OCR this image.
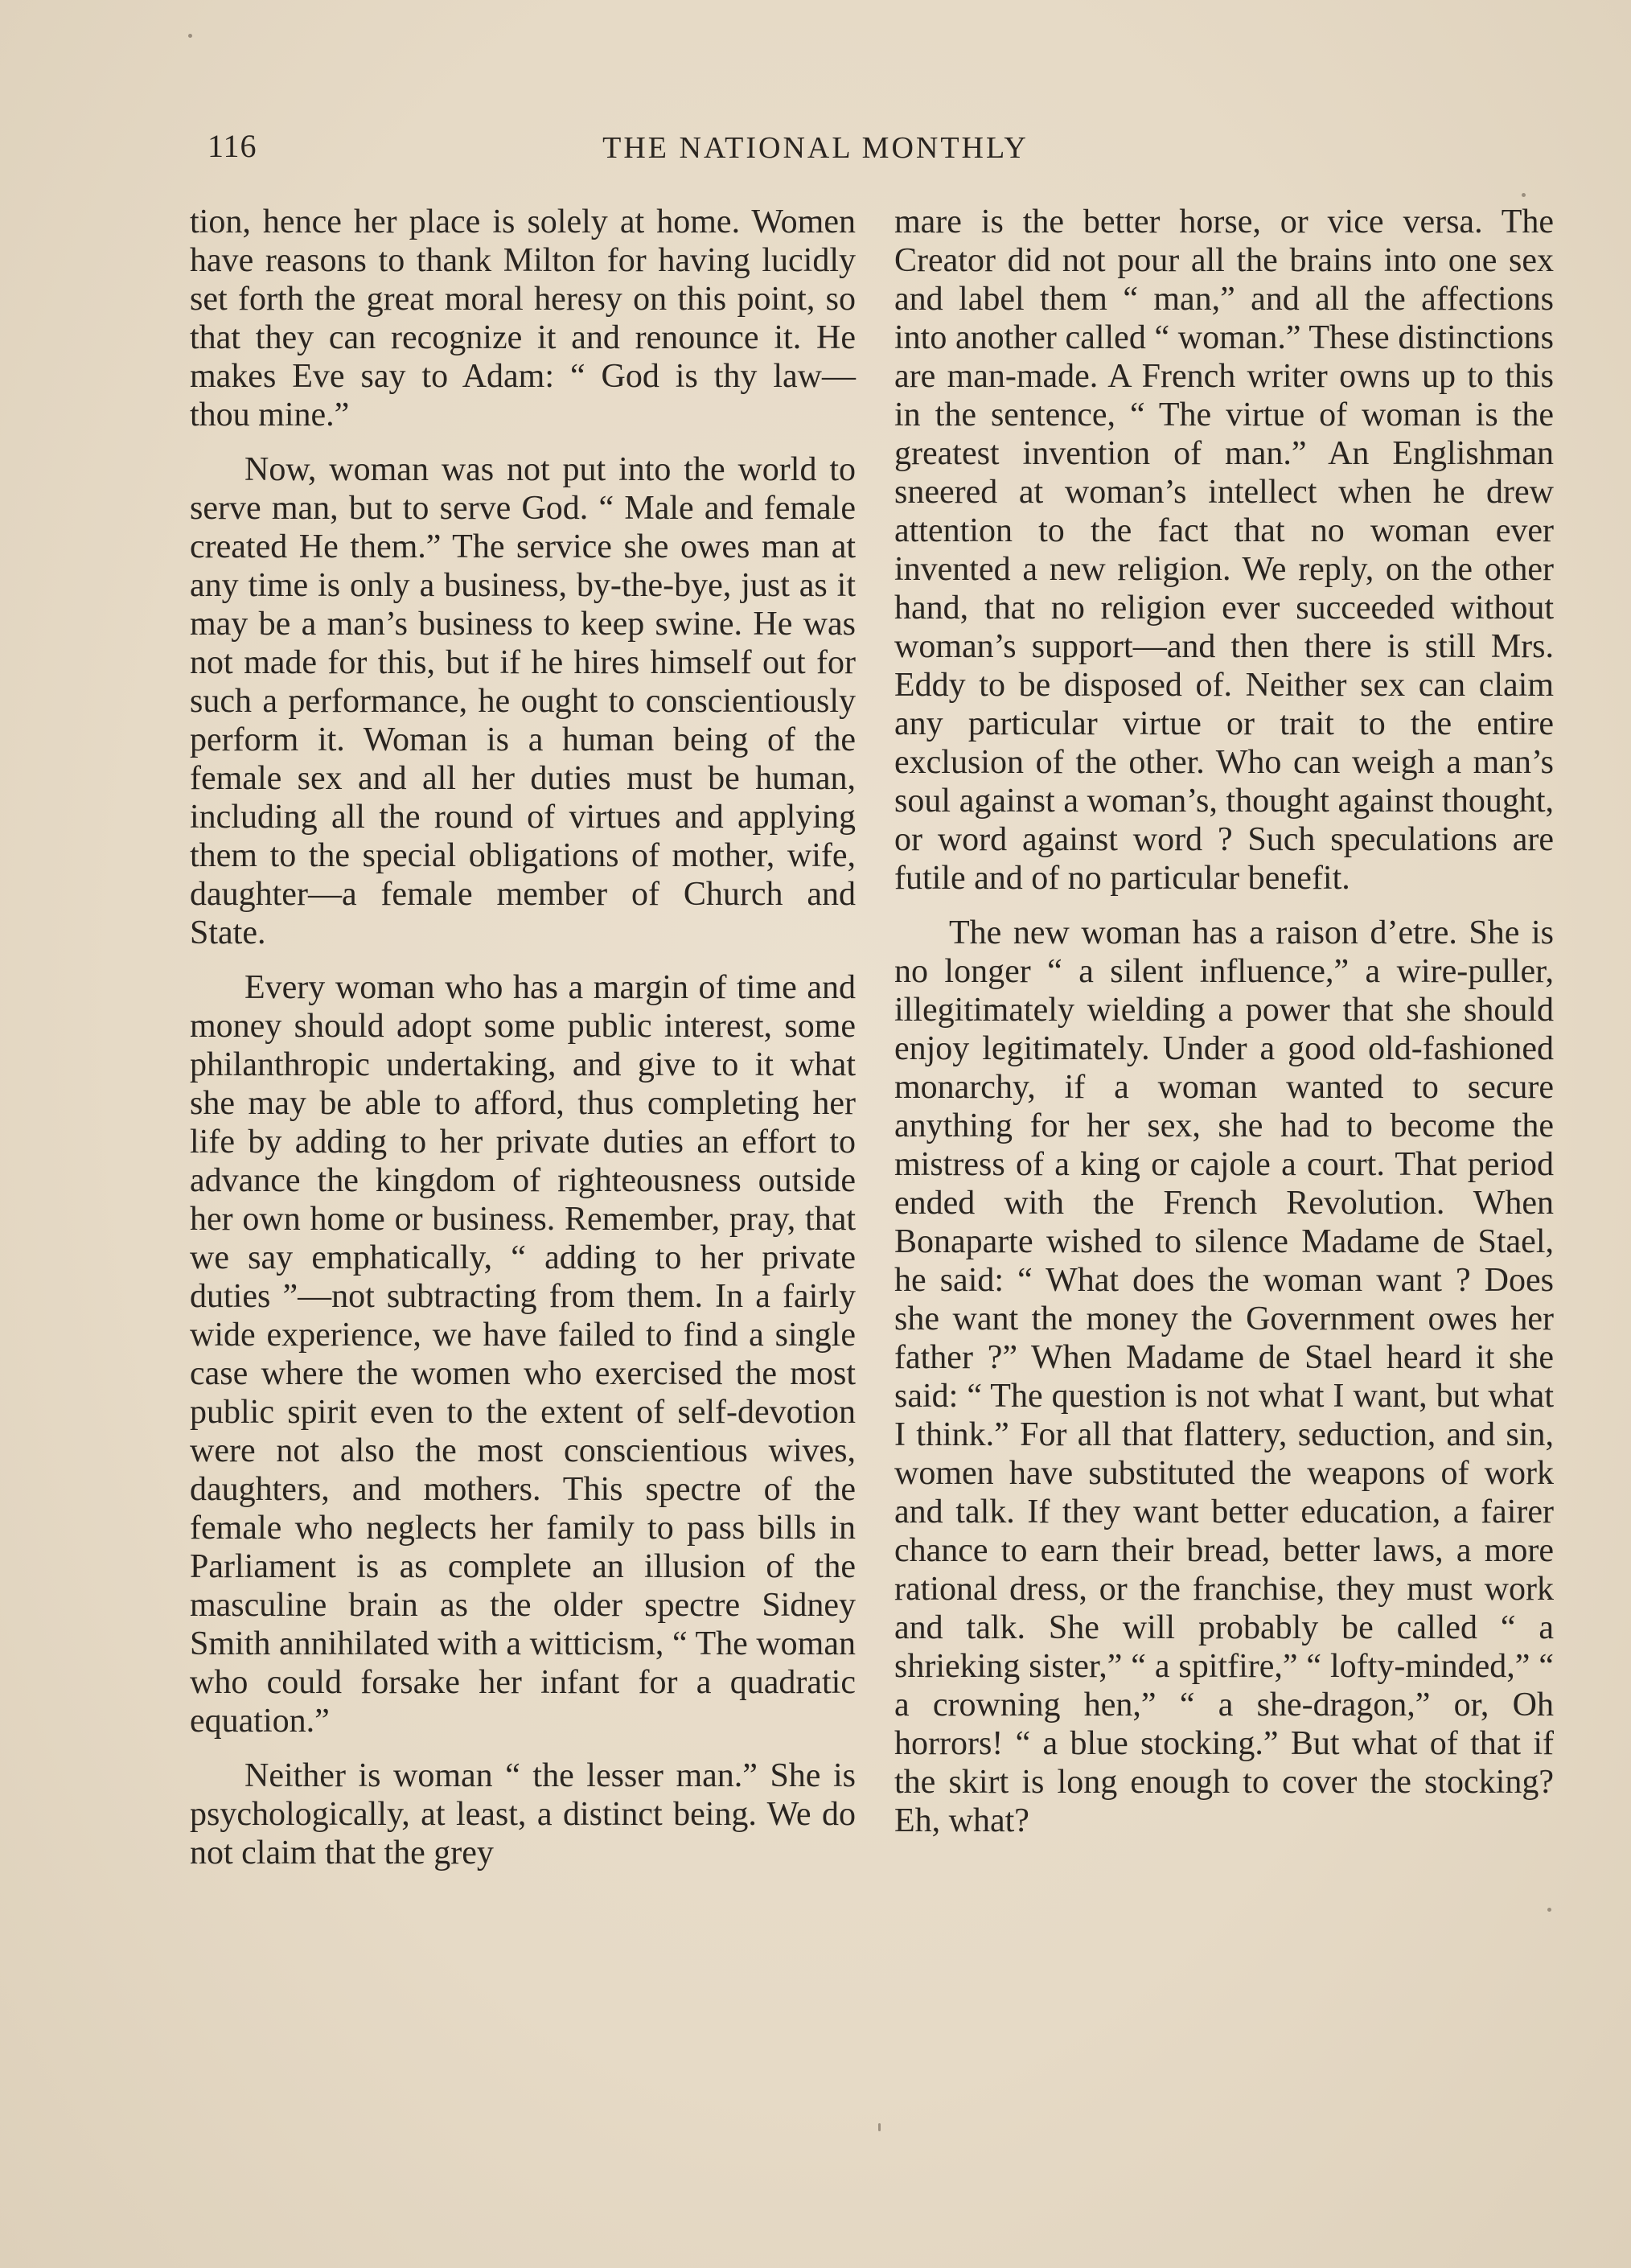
116	THE NATIONAL MONTHLY

tion, hence her place is solely at home. Women have reasons to thank Milton for having lucidly set forth the great moral heresy on this point, so that they can recognize it and renounce it. He makes Eve say to Adam: “ God is thy law— thou mine.”

Now, woman was not put into the world to serve man, but to serve God. “ Male and female created He them.” The service she owes man at any time is only a business, by-the-bye, just as it may be a man’s business to keep swine. He was not made for this, but if he hires himself out for such a performance, he ought to conscientiously perform it. Woman is a human being of the female sex and all her duties must be human, including all the round of virtues and applying them to the special obligations of mother, wife, daughter—a female member of Church and State.

Every woman who has a margin of time and money should adopt some public interest, some philanthropic undertaking, and give to it what she may be able to afford, thus completing her life by adding to her private duties an effort to advance the kingdom of righteousness outside her own home or business. Remember, pray, that we say emphatically, “ adding to her private duties ”—not subtracting from them. In a fairly wide experience, we have failed to find a single case where the women who exercised the most public spirit even to the extent of self-devotion were not also the most conscientious wives, daughters, and mothers. This spectre of the female who neglects her family to pass bills in Parliament is as complete an illusion of the masculine brain as the older spectre Sidney Smith annihilated with a witticism, “ The woman who could forsake her infant for a quadratic equation.”

Neither is woman “ the lesser man.” She is psychologically, at least, a distinct being. We do not claim that the grey

mare is the better horse, or vice versa. The Creator did not pour all the brains into one sex and label them “ man,” and all the affections into another called “ woman.” These distinctions are man-made. A French writer owns up to this in the sentence, “ The virtue of woman is the greatest invention of man.” An Englishman sneered at woman’s intellect when he drew attention to the fact that no woman ever invented a new religion. We reply, on the other hand, that no religion ever succeeded without woman’s support—and then there is still Mrs. Eddy to be disposed of. Neither sex can claim any particular virtue or trait to the entire exclusion of the other. Who can weigh a man’s soul against a woman’s, thought against thought, or word against word ? Such speculations are futile and of no particular benefit.

The new woman has a raison d’etre. She is no longer “ a silent influence,” a wire-puller, illegitimately wielding a power that she should enjoy legitimately. Under a good old-fashioned monarchy, if a woman wanted to secure anything for her sex, she had to become the mistress of a king or cajole a court. That period ended with the French Revolution. When Bonaparte wished to silence Madame de Stael, he said: “ What does the woman want ? Does she want the money the Government owes her father ?” When Madame de Stael heard it she said: “ The question is not what I want, but what I think.” For all that flattery, seduction, and sin, women have substituted the weapons of work and talk. If they want better education, a fairer chance to earn their bread, better laws, a more rational dress, or the franchise, they must work and talk. She will probably be called “ a shrieking sister,” “ a spitfire,” “ lofty-minded,” “ a crowning hen,” “ a she-dragon,” or, Oh horrors! “ a blue stocking.” But what of that if the skirt is long enough to cover the stocking? Eh, what?
